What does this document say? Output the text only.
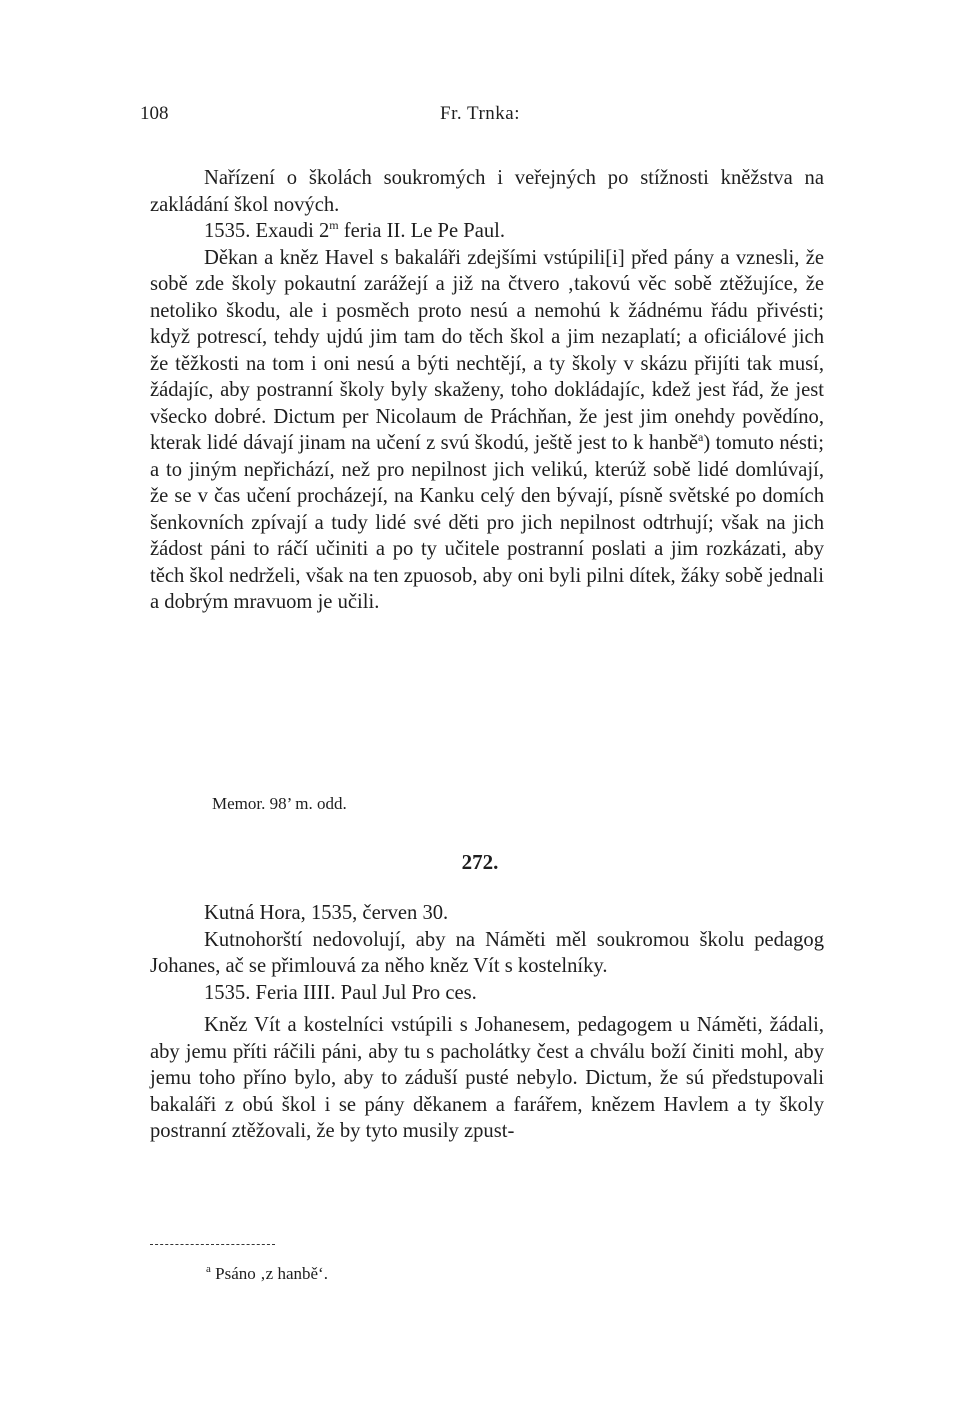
108	Fr. Trnka:

Nařízení o školách soukromých i veřejných po stížnosti kněžstva na zakládání škol nových.

1535. Exaudi 2$^m$ feria II. Le Pe Paul.

Děkan a kněz Havel s bakaláři zdejšími vstúpili[i] před pány a vznesli, že sobě zde školy pokautní zarážejí a již na čtvero ‚takovú věc sobě ztěžujíce, že netoliko škodu, ale i posměch proto nesú a nemohú k žádnému řádu přivésti; když potrescí, tehdy ujdú jim tam do těch škol a jim nezaplatí; a oficiálové jich že těžkosti na tom i oni nesú a býti nechtějí, a ty školy v skázu přijíti tak musí, žádajíc, aby postranní školy byly skaženy, toho dokládajíc, kdež jest řád, že jest všecko dobré. Dictum per Nicolaum de Práchňan, že jest jim onehdy povědíno, kterak lidé dávají jinam na učení z svú škodú, ještě jest to k hanbě$^a$) tomuto nésti; a to jiným nepřichází, než pro nepilnost jich velikú, kterúž sobě lidé domlúvají, že se v čas učení procházejí, na Kanku celý den bývají, písně světské po domích šenkovních zpívají a tudy lidé své děti pro jich nepilnost odtrhují; však na jich žádost páni to ráčí učiniti a po ty učitele postranní poslati a jim rozkázati, aby těch škol nedrželi, však na ten zpuosob, aby oni byli pilni dítek, žáky sobě jednali a dobrým mravuom je učili.

Memor. 98’ m. odd.
272.

Kutná Hora, 1535, červen 30.

Kutnohorští nedovolují, aby na Náměti měl soukromou školu pedagog Johanes, ač se přimlouvá za něho kněz Vít s kostelníky.

1535. Feria IIII. Paul Jul Pro ces.

Kněz Vít a kostelníci vstúpili s Johanesem, pedagogem u Náměti, žádali, aby jemu příti ráčili páni, aby tu s pacholátky čest a chválu boží činiti mohl, aby jemu toho příno bylo, aby to záduší pusté nebylo. Dictum, že sú předstupovali bakaláři z obú škol i se pány děkanem a farářem, knězem Havlem a ty školy postranní ztěžovali, že by tyto musily zpust-

$^a$ Psáno ‚z hanbě‘.
